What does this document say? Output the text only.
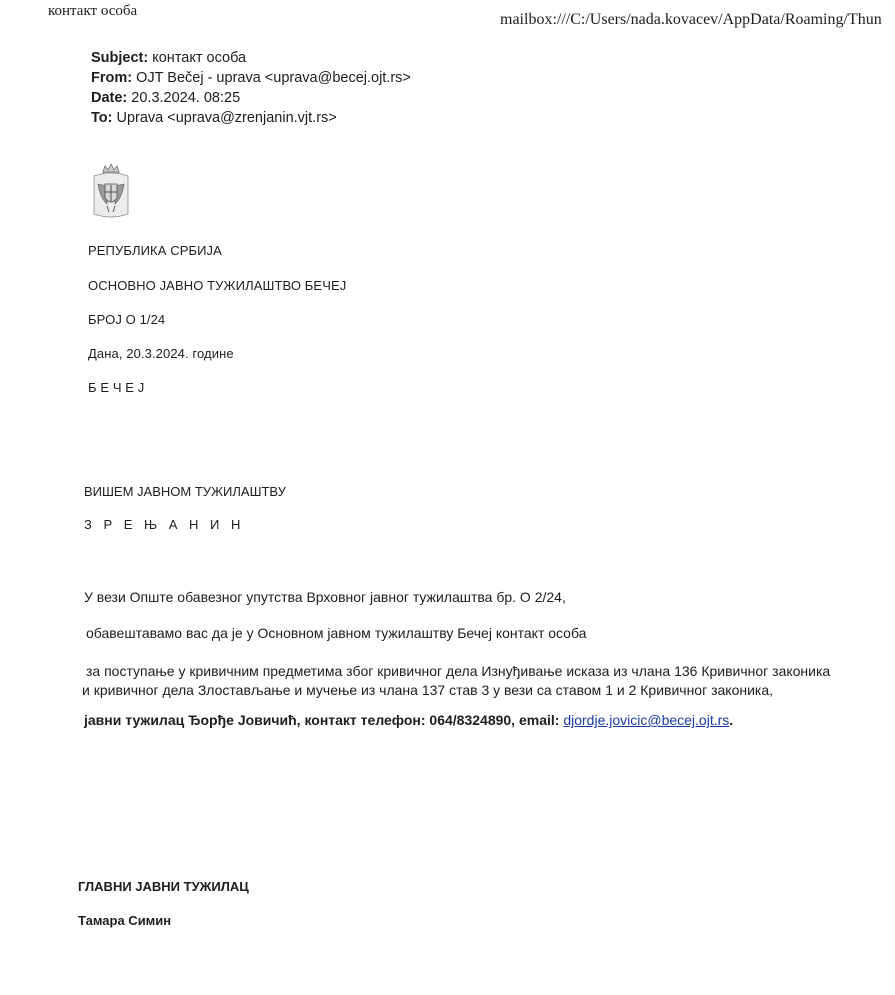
контакт особа	mailbox:///C:/Users/nada.kovacev/AppData/Roaming/Thun
Subject: контакт особа
From: OJT Bečej - uprava <uprava@becej.ojt.rs>
Date: 20.3.2024. 08:25
To: Uprava <uprava@zrenjanin.vjt.rs>
РЕПУБЛИКА СРБИЈА
ОСНОВНО ЈАВНО ТУЖИЛАШТВО БЕЧЕЈ
БРОЈ О 1/24
Дана, 20.3.2024. године
Б Е Ч Е Ј
ВИШЕМ ЈАВНОМ ТУЖИЛАШТВУ
З Р Е Њ А Н И Н
У вези Опште обавезног упутства Врховног јавног тужилаштва бр. О 2/24,
обавештавамо вас да је у Основном јавном тужилаштву Бечеј контакт особа
за поступање у кривичним предметима због кривичног дела Изнуђивање исказа из члана 136 Кривичног законика
и кривичног дела Злостављање и мучење из члана 137 став 3 у вези са ставом 1 и 2 Кривичног законика,
јавни тужилац Ђорђе Јовичић, контакт телефон: 064/8324890, email: djordje.jovicic@becej.ojt.rs.
ГЛАВНИ ЈАВНИ ТУЖИЛАЦ
Тамара Симин
